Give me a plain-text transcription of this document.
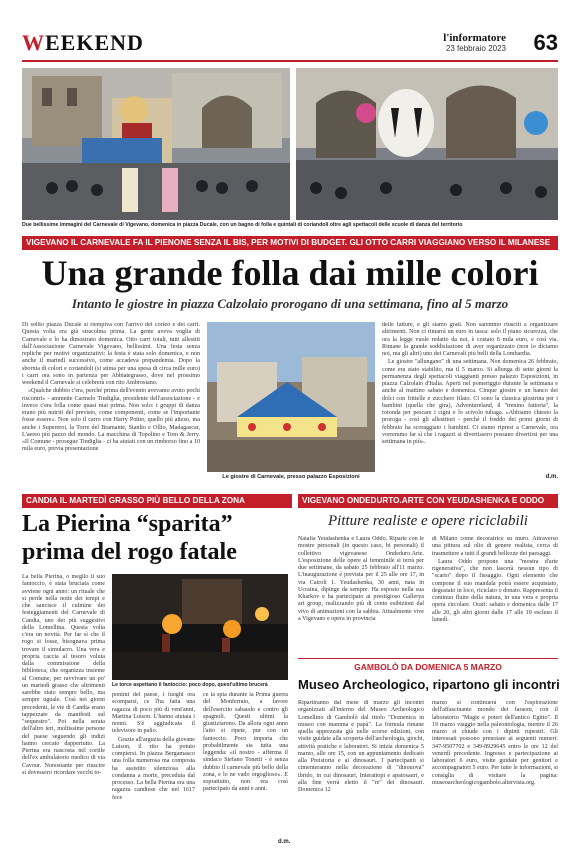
WEEKEND	l'informatore
23 febbraio 2023 63
Due bellissime immagini del Carnevale di Vigevano, domenica in piazza Ducale, con un bagno di folla e quintali di coriandoli oltre agli spettacoli delle scuole di danza del territorio
VIGEVANO IL CARNEVALE FA IL PIENONE SENZA IL BIS, PER MOTIVI DI BUDGET. GLI OTTO CARRI VIAGGIANO VERSO IL MILANESE
Una grande folla dai mille colori
Intanto le giostre in piazza Calzolaio prorogano di una settimana, fino al 5 marzo

Di solito piazza Ducale si riempiva con l'arrivo del corteo e dei carri. Questa volta era già stracolma prima. La gente aveva voglia di Carnevale e lo ha dimostrato domenica. Otto carri totali, tutti allestiti dall'Associazione Carnevale Vigevano, bellissimi. Una festa senza repliche per motivi organizzativi: la festa è stata solo domenica, e non anche il martedì successivo, come accadeva prepandemia. Dopo la sbornia di colori e coriandoli (si stima per una spesa di circa mille euro) i carri ora sono in partenza per Abbiategrasso, dove nel prossimo weekend il Carnevale si celebrerà con rito Ambrosiano.

«Qualche dubbio c'era, perché prima dell'evento avevamo avuto pochi riscontri» - ammette Carmelo Tindiglia, presidente dell'associazione - e invece c'era folla come quasi mai prima. Non solo: i gruppi di danza erano più nutriti del previsto, come componenti, come se l'importante fosse essere». Non solo il carro con Harry Potter, quello più atteso, ma anche i Supereroi, la Torre del Bramante, Stanlio e Ollio, Madagascar, L'aereo più pazzo del mondo. La macchina di Topolino e Tom & Jerry. «Il Comune - prosegue Tindiglia - ci ha aiutati con un rimborso fino a 10 mila euro, previa presentazione

Le giostre di Carnevale, presso palazzo Esposizioni

delle fatture, e gli siamo grati. Non saremmo riusciti a organizzare altrimenti. Non ci rimarrà un euro in tasca: solo il piano sicurezza, che ora la legge vuole redatto da noi, è costato 6 mila euro, e così via. Rimane la grande soddisfazione di aver organizzato (non lo diciamo noi, ma gli altri) uno dei Carnevali più belli della Lombardia.

Le giostre "allungano" di una settimana. Non domenica 26 febbraio, come era stato stabilito, ma il 5 marzo. Si allunga di sette giorni la permanenza degli spettacoli viaggianti presso palazzo Esposizioni, in piazza Calzolaio d'Italia. Aperti nel pomeriggio durante la settimana e anche al mattino sabato e domenica. Cinque giostre e un banco dei dolci con frittelle e zucchero filato. Ci sono la classica giostrina per i bambini (quella che gira), Adventureland, il "trenino fattoria", la rotonda per pescare i cigni e lo scivolo tubaga. «Abbiamo chiesto la proroga - così gli allestitori - perché il freddo dei primi giorni di febbraio ha scoraggiato i bambini. Ci siamo ripresi a Carnevale, ora vorremmo far sì che i ragazzi si divertissero possano divertirsi per una settimana in più».

d.m.
CANDIA IL MARTEDÌ GRASSO PIÙ BELLO DELLA ZONA
La Pierina “sparita”
prima del rogo fatale

La bella Pierina, o meglio il suo fantoccio, è stata bruciata come avviene ogni anno: un rituale che si perde nella notte dei tempi e che sancisce il culmine dei festeggiamenti del Carnevale di Candia, uno dei più suggestivi della Lomellina. Questa volta c'era un novità. Per far sì che il rogo si fosse, bisognava prima trovare il simulacro. Una vera e propria caccia al tesoro voluta dalla commissione della biblioteca, che organizza insieme al Comune, per ravvivare un po' un martedì grasso che altrimenti sarebbe stato sempre bello, ma sempre uguale. Così nei giorni precedenti, le vie di Candia erano tappezzate da manifesti sul "sequestro". Poi nella serata dell'altro ieri, moltissime persone del paese seguendo gli indizi hanno cercato dappertutto. La Pierina era nascosta nel cortile dell'ex ambulatorio medico di via Cavour. Nonostante per riuscire si dovessero ricordare vecchi to-

Le torce aspettano il fantoccio: poco dopo, quest'ultimo brucerà

ponimi del paese, i luoghi ora scomparsi, ce l'ha fatta una ragazza di poco più di vent'anni, Martina Luison. L'hanno aiutata i nonni. S'è aggiudicata il televisore in palio.

Grazie all'arguzia della giovane Luison, il rito ha potuto compiersi. In piazza Bergamasco una folla numerosa ma composta ha assistito silenziosa alla condanna a morte, preceduta dal processo. La bella Pierina era una ragazza candiese che nel 1617 fece

ce la spia durante la Prima guerra del Monferrato, a favore dell'esercito sabaudo e contro gli spagnoli. Questi ultimi la giustiziarono. Da allora ogni anno l'atto si ripete, pur con un fantoccio. Poco importa che probabilmente sia tutta una leggenda: «il nostro - afferma il sindaco Stefano Tonetti - è senza dubbio il carnevale più bello della zona, e lo ne vado orgoglioso». E soprattutto, non era così partecipato da anni e anni.

d.m.
VIGEVANO ONDEDURTO.ARTE CON YEUDASHENKA E ODDO
Pitture realiste e opere riciclabili

Natalia Yeudashenka e Laura Oddo. Riparte con le mostre personali (in questo caso, bi personali) il collettivo vigevanese Ondeduro.Arte. L'esposizione delle opere al femminile si terrà per due settimane, da sabato 25 febbraio all'11 marzo. L'inaugurazione è prevista per il 25 alle ore 17, in via Cairoli 1. Yeudashenka, 30 anni, nata in Ucraina, dipinge da sempre. Ha esposto nella sua Kharkov e ha partecipato ai prestigioso Gallerya art group, realizzando più di cento esibizioni dal vivo di animazioni con la sabbia. Attualmente vive a Vigevano e opera in provincia

di Milano come decoratrice su muro. Attraverso una pittura sul olio di genere realista, cerca di trasmettere a tutti il grandi bellezze dei paesaggi.

Laura Oddo propone una "mostra d'arte rigenerativa", che non lascerà nessun tipo di "scarto" dopo il fissaggio. Ogni elemento che compone il suo mandala potrà essere acquistato, degustato in loco, riciclato o donato. Rappresenta il continuo fluire della natura, in una vera e propria opera circolare. Orari: sabato e domenica dalle 17 alle 20, gli altri giorni dalle 17 alle 19 escluso il lunedì.

GAMBOLÒ DA DOMENICA 5 MARZO
Museo Archeologico, ripartono gli incontri

Ripartiranno dal mese di marzo gli incontri organizzati all'interno del Museo Archeologico Lomellino di Gambolò dal titolo "Domenica in museo con mamma e papà". La formula rimane quella apprezzata già nelle scorse edizioni, con visite guidate alla scoperta dell'archeologia, giochi, attività pratiche e laboratori. Si inizia domenica 5 marzo, alle ore 15, con un appuntamento dedicato alla Preistoria e ai dinosauri. I partecipanti si cimenteranno nella decorazione di "dinouova" ibrido, in cui dinosauri, Interattopi e apatosauri, e alla fine verrà eletto il "re" dei dinosauri. Domenica 12

marzo si continuerà con l'esplorazione dell'affascinante mondo dei faraoni, con il laboratorio "Magie e poteri dell'antico Egitto". Il 19 marzo viaggio nella paleontologia, mentre il 26 marzo si chiude con i dipinti rupestri. Gli interessati possono prenotare ai seguenti numeri: 347-9507702 e 349-8929645 entro le ore 12 del venerdì precedente. Ingresso e partecipazione ai laboratori 6 euro, visite guidate per genitori e accompagnatori 5 euro. Per tutte le informazioni, si consiglia di visitare la pagina: museoarcheologicogambolo.altervista.org.
